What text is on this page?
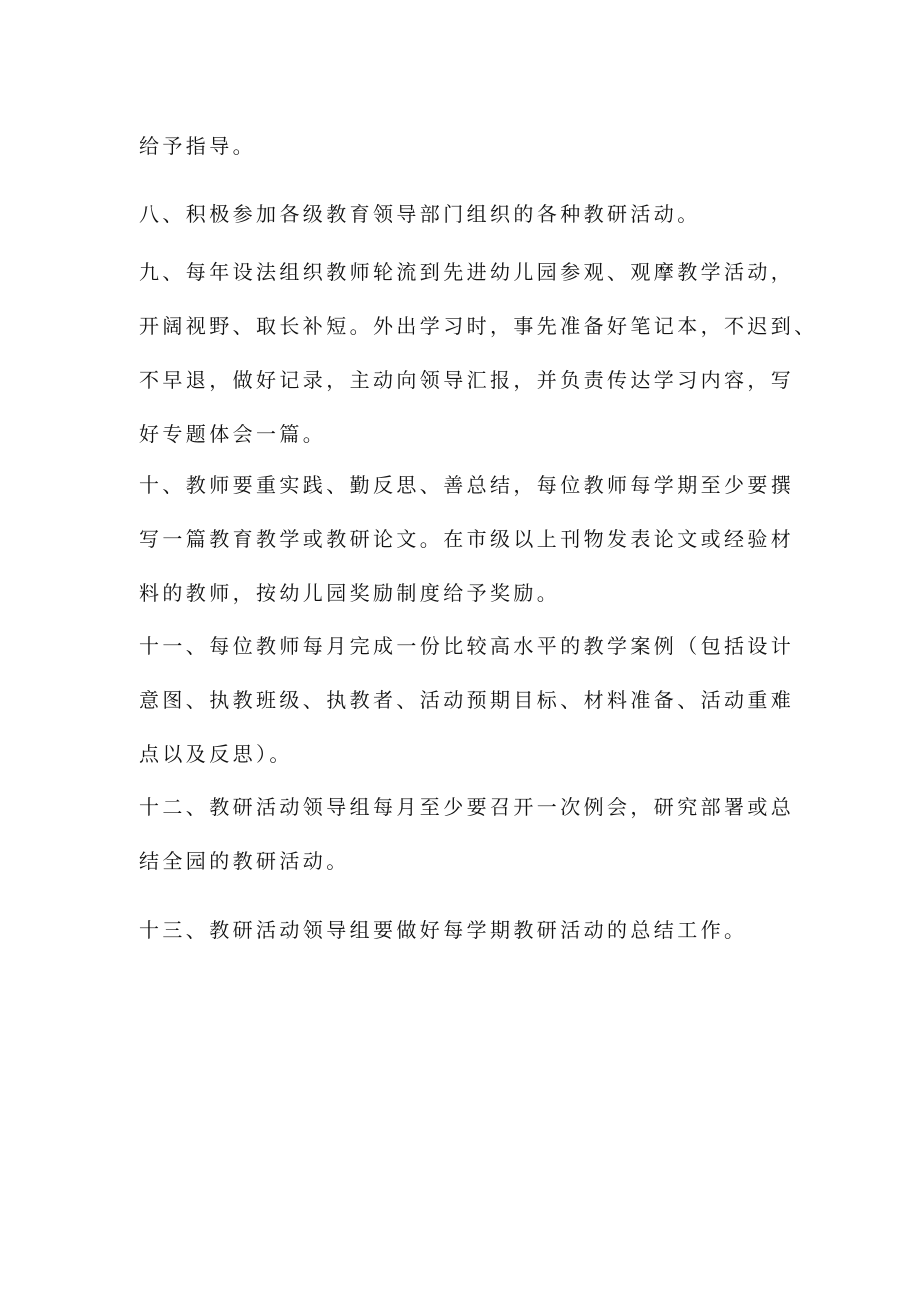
给予指导。
八、积极参加各级教育领导部门组织的各种教研活动。
九、每年设法组织教师轮流到先进幼儿园参观、观摩教学活动，
开阔视野、取长补短。外出学习时，事先准备好笔记本，不迟到、
不早退，做好记录，主动向领导汇报，并负责传达学习内容，写
好专题体会一篇。
十、教师要重实践、勤反思、善总结，每位教师每学期至少要撰
写一篇教育教学或教研论文。在市级以上刊物发表论文或经验材
料的教师，按幼儿园奖励制度给予奖励。
十一、每位教师每月完成一份比较高水平的教学案例（包括设计
意图、执教班级、执教者、活动预期目标、材料准备、活动重难
点以及反思）。
十二、教研活动领导组每月至少要召开一次例会，研究部署或总
结全园的教研活动。
十三、教研活动领导组要做好每学期教研活动的总结工作。
